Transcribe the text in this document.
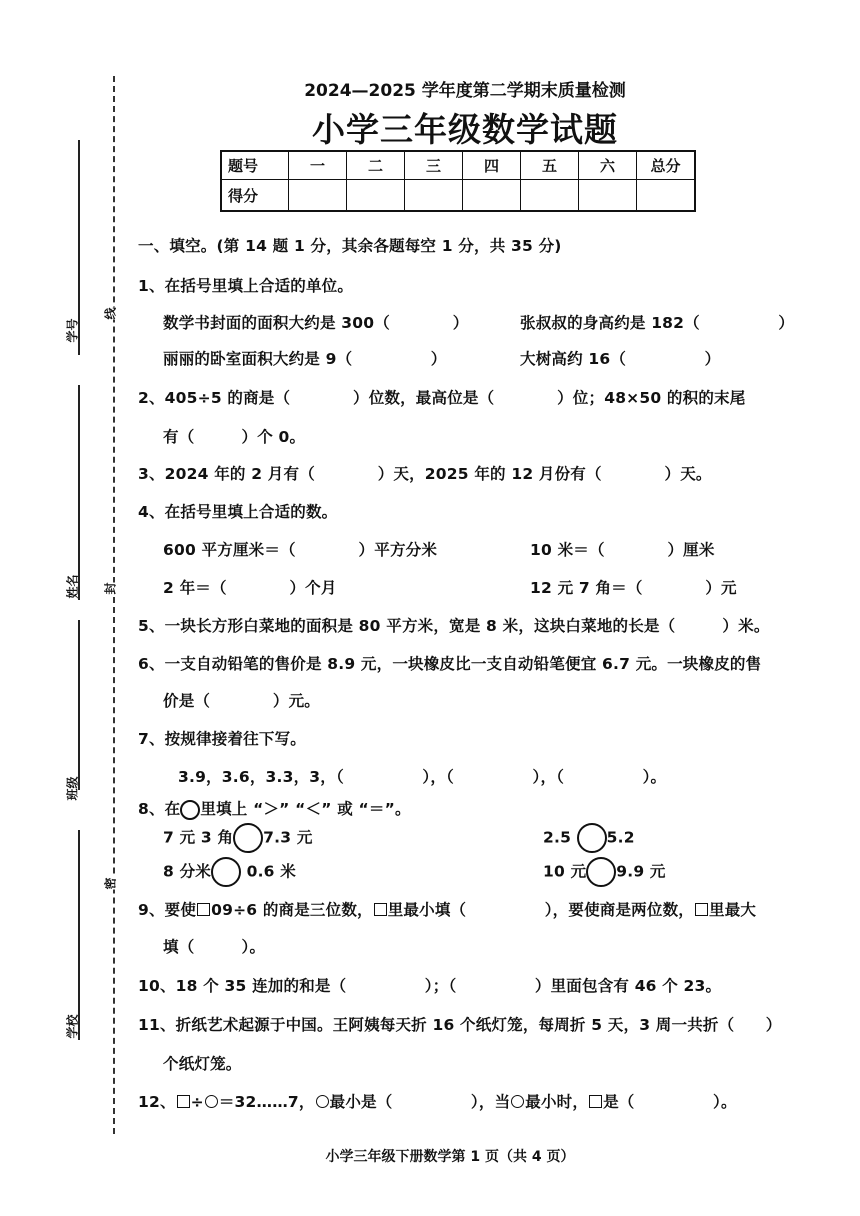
学号
姓名
班级
学校
线
封
密
2024—2025 学年度第二学期末质量检测
小学三年级数学试题
题号	一	二	三	四	五	六	总分
得分							
一、填空。(第 14 题 1 分，其余各题每空 1 分，共 35 分)
1、在括号里填上合适的单位。
数学书封面的面积大约是 300（　　　　）	张叔叔的身高约是 182（　　　　　）
丽丽的卧室面积大约是 9（　　　　　）	大树高约 16（　　　　　）
2、405÷5 的商是（　　　　）位数，最高位是（　　　　）位；48×50 的积的末尾
有（　　　）个 0。
3、2024 年的 2 月有（　　　　）天，2025 年的 12 月份有（　　　　）天。
4、在括号里填上合适的数。
600 平方厘米＝（　　　　）平方分米	10 米＝（　　　　）厘米
2 年＝（　　　　）个月	12 元 7 角＝（　　　　）元
5、一块长方形白菜地的面积是 80 平方米，宽是 8 米，这块白菜地的长是（　　　）米。
6、一支自动铅笔的售价是 8.9 元，一块橡皮比一支自动铅笔便宜 6.7 元。一块橡皮的售
价是（　　　　）元。
7、按规律接着往下写。
3.9，3.6，3.3，3，（　　　　　），（　　　　　），（　　　　　）。
8、在 里填上 “＞” “＜” 或 “＝”。
7 元 3 角 7.3 元	2.5 5.2
8 分米 0.6 米	10 元 9.9 元
9、要使 09÷6 的商是三位数， 里最小填（　　　　　），要使商是两位数， 里最大
填（　　　）。
10、18 个 35 连加的和是（　　　　　）；（　　　　　）里面包含有 46 个 23。
11、折纸艺术起源于中国。王阿姨每天折 16 个纸灯笼，每周折 5 天，3 周一共折（　　）
个纸灯笼。
12、 ÷ ＝32……7， 最小是（　　　　　），当 最小时， 是（　　　　　）。
小学三年级下册数学第 1 页（共 4 页）
